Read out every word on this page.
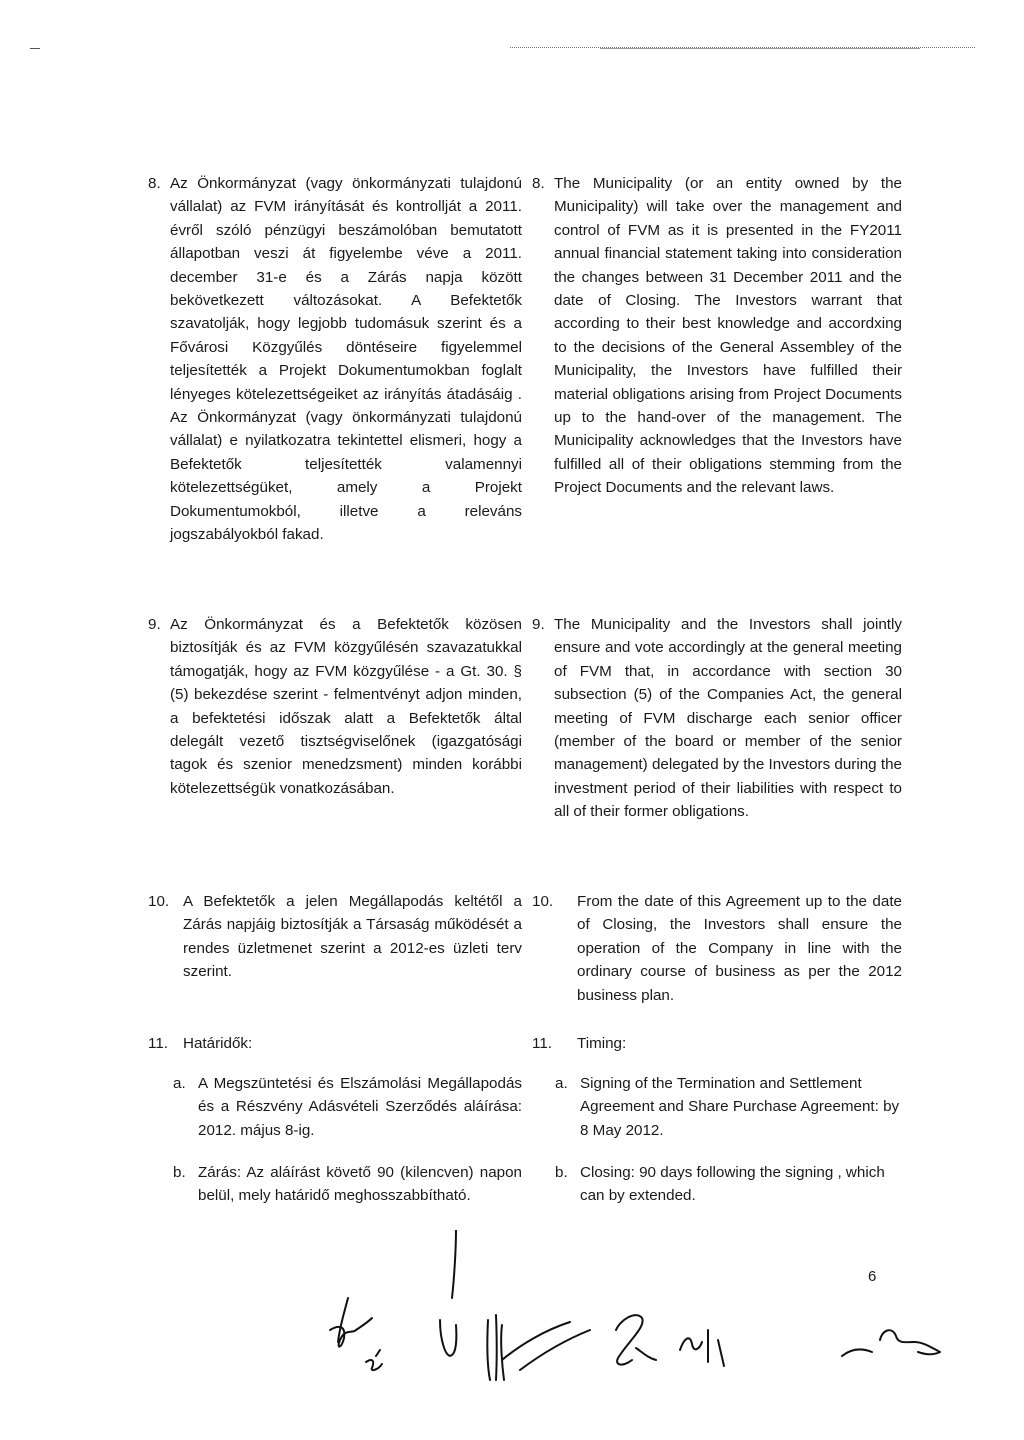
8. Az Önkormányzat (vagy önkormányzati tulajdonú vállalat) az FVM irányítását és kontrollját a 2011. évről szóló pénzügyi beszámolóban bemutatott állapotban veszi át figyelembe véve a 2011. december 31-e és a Zárás napja között bekövetkezett változásokat. A Befektetők szavatolják, hogy legjobb tudomásuk szerint és a Fővárosi Közgyűlés döntéseire figyelemmel teljesítették a Projekt Dokumentumokban foglalt lényeges kötelezettségeiket az irányítás átadásáig . Az Önkormányzat (vagy önkormányzati tulajdonú vállalat) e nyilatkozatra tekintettel elismeri, hogy a Befektetők teljesítették valamennyi kötelezettségüket, amely a Projekt Dokumentumokból, illetve a releváns jogszabályokból fakad.
9. Az Önkormányzat és a Befektetők közösen biztosítják és az FVM közgyűlésén szavazatukkal támogatják, hogy az FVM közgyűlése - a Gt. 30. § (5) bekezdése szerint - felmentvényt adjon minden, a befektetési időszak alatt a Befektetők által delegált vezető tisztségviselőnek (igazgatósági tagok és szenior menedzsment) minden korábbi kötelezettségük vonatkozásában.
10. A Befektetők a jelen Megállapodás keltétől a Zárás napjáig biztosítják a Társaság működését a rendes üzletmenet szerint a 2012-es üzleti terv szerint.
11. Határidők:
a. A Megszüntetési és Elszámolási Megállapodás és a Részvény Adásvételi Szerződés aláírása: 2012. május 8-ig.
b. Zárás: Az aláírást követő 90 (kilencven) napon belül, mely határidő meghosszabbítható.
8. The Municipality (or an entity owned by the Municipality) will take over the management and control of FVM as it is presented in the FY2011 annual financial statement taking into consideration the changes between 31 December 2011 and the date of Closing. The Investors warrant that according to their best knowledge and accordxing to the decisions of the General Assembley of the Municipality, the Investors have fulfilled their material obligations arising from Project Documents up to the hand-over of the management. The Municipality acknowledges that the Investors have fulfilled all of their obligations stemming from the Project Documents and the relevant laws.
9. The Municipality and the Investors shall jointly ensure and vote accordingly at the general meeting of FVM that, in accordance with section 30 subsection (5) of the Companies Act, the general meeting of FVM discharge each senior officer (member of the board or member of the senior management) delegated by the Investors during the investment period of their liabilities with respect to all of their former obligations.
10. From the date of this Agreement up to the date of Closing, the Investors shall ensure the operation of the Company in line with the ordinary course of business as per the 2012 business plan.
11. Timing:
a. Signing of the Termination and Settlement Agreement and Share Purchase Agreement: by 8 May 2012.
b. Closing: 90 days following the signing , which can by extended.
6
